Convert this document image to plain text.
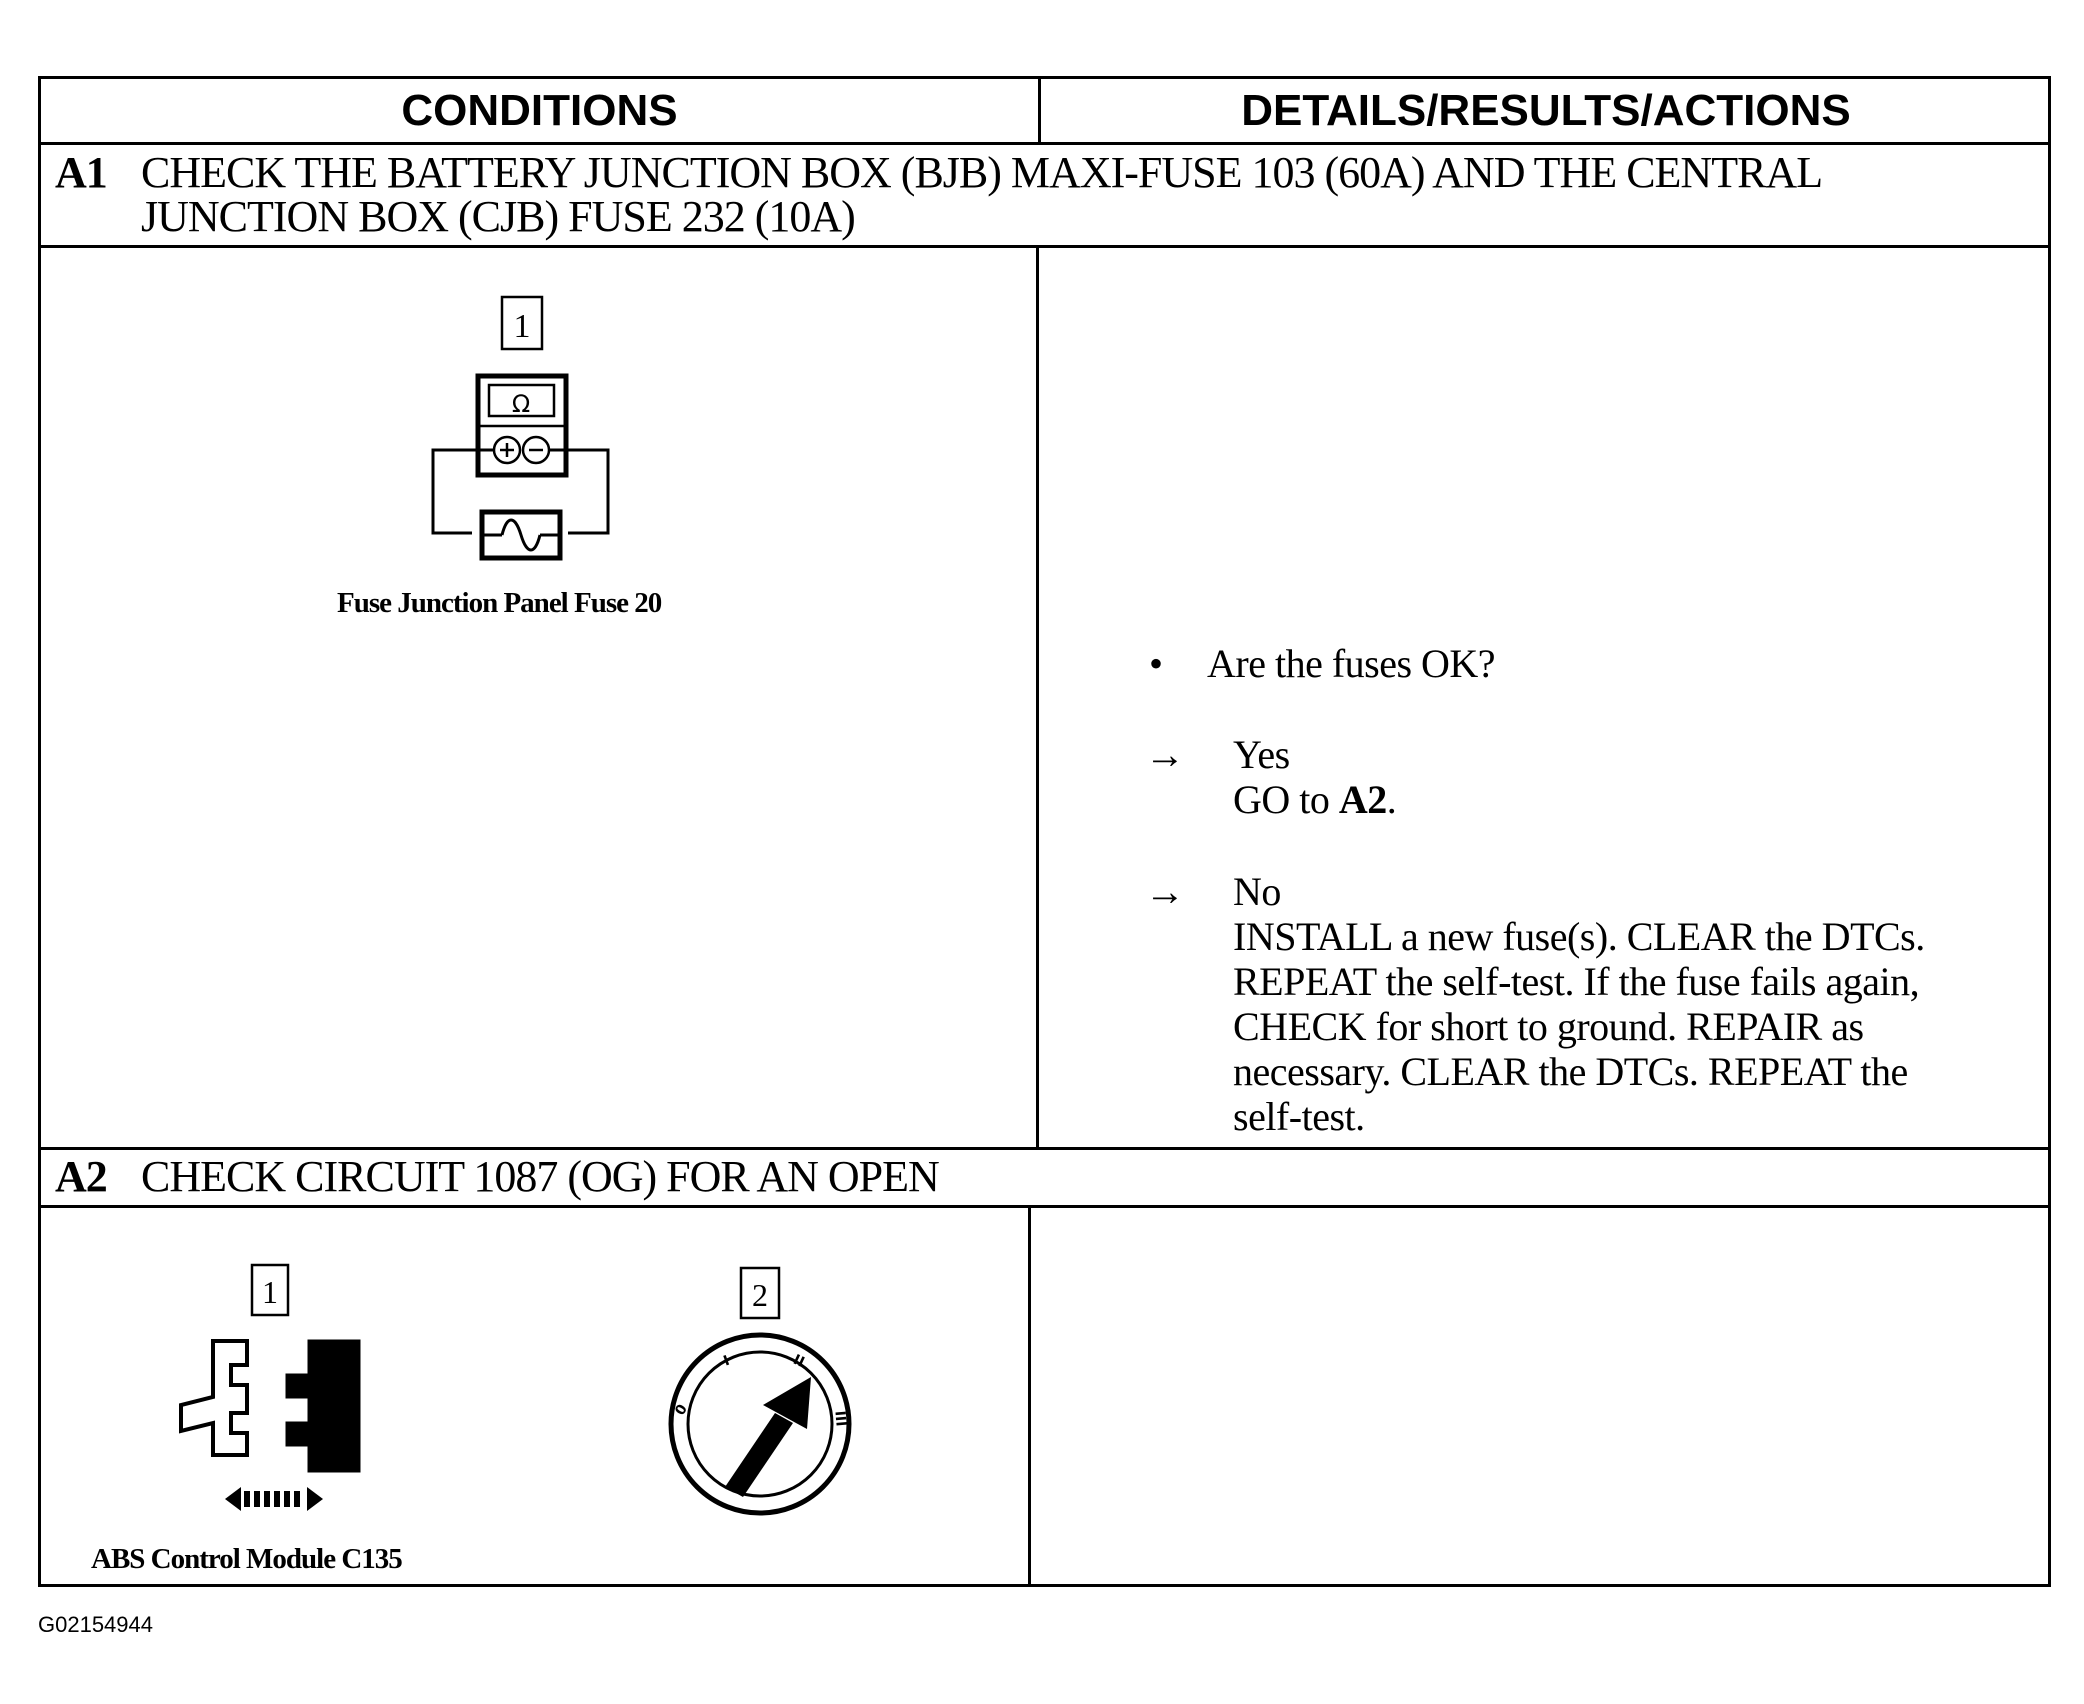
CONDITIONS	DETAILS/RESULTS/ACTIONS
A1 CHECK THE BATTERY JUNCTION BOX (BJB) MAXI-FUSE 103 (60A) AND THE CENTRAL JUNCTION BOX (CJB) FUSE 232 (10A)
1
Ω
Fuse Junction Panel Fuse 20
• Are the fuses OK?
→ Yes
GO to A2.
→ No
INSTALL a new fuse(s). CLEAR the DTCs.
REPEAT the self-test. If the fuse fails again,
CHECK for short to ground. REPAIR as
necessary. CLEAR the DTCs. REPEAT the
self-test.
A2 CHECK CIRCUIT 1087 (OG) FOR AN OPEN
1	2
0
I	II
III
ABS Control Module C135
G02154944
